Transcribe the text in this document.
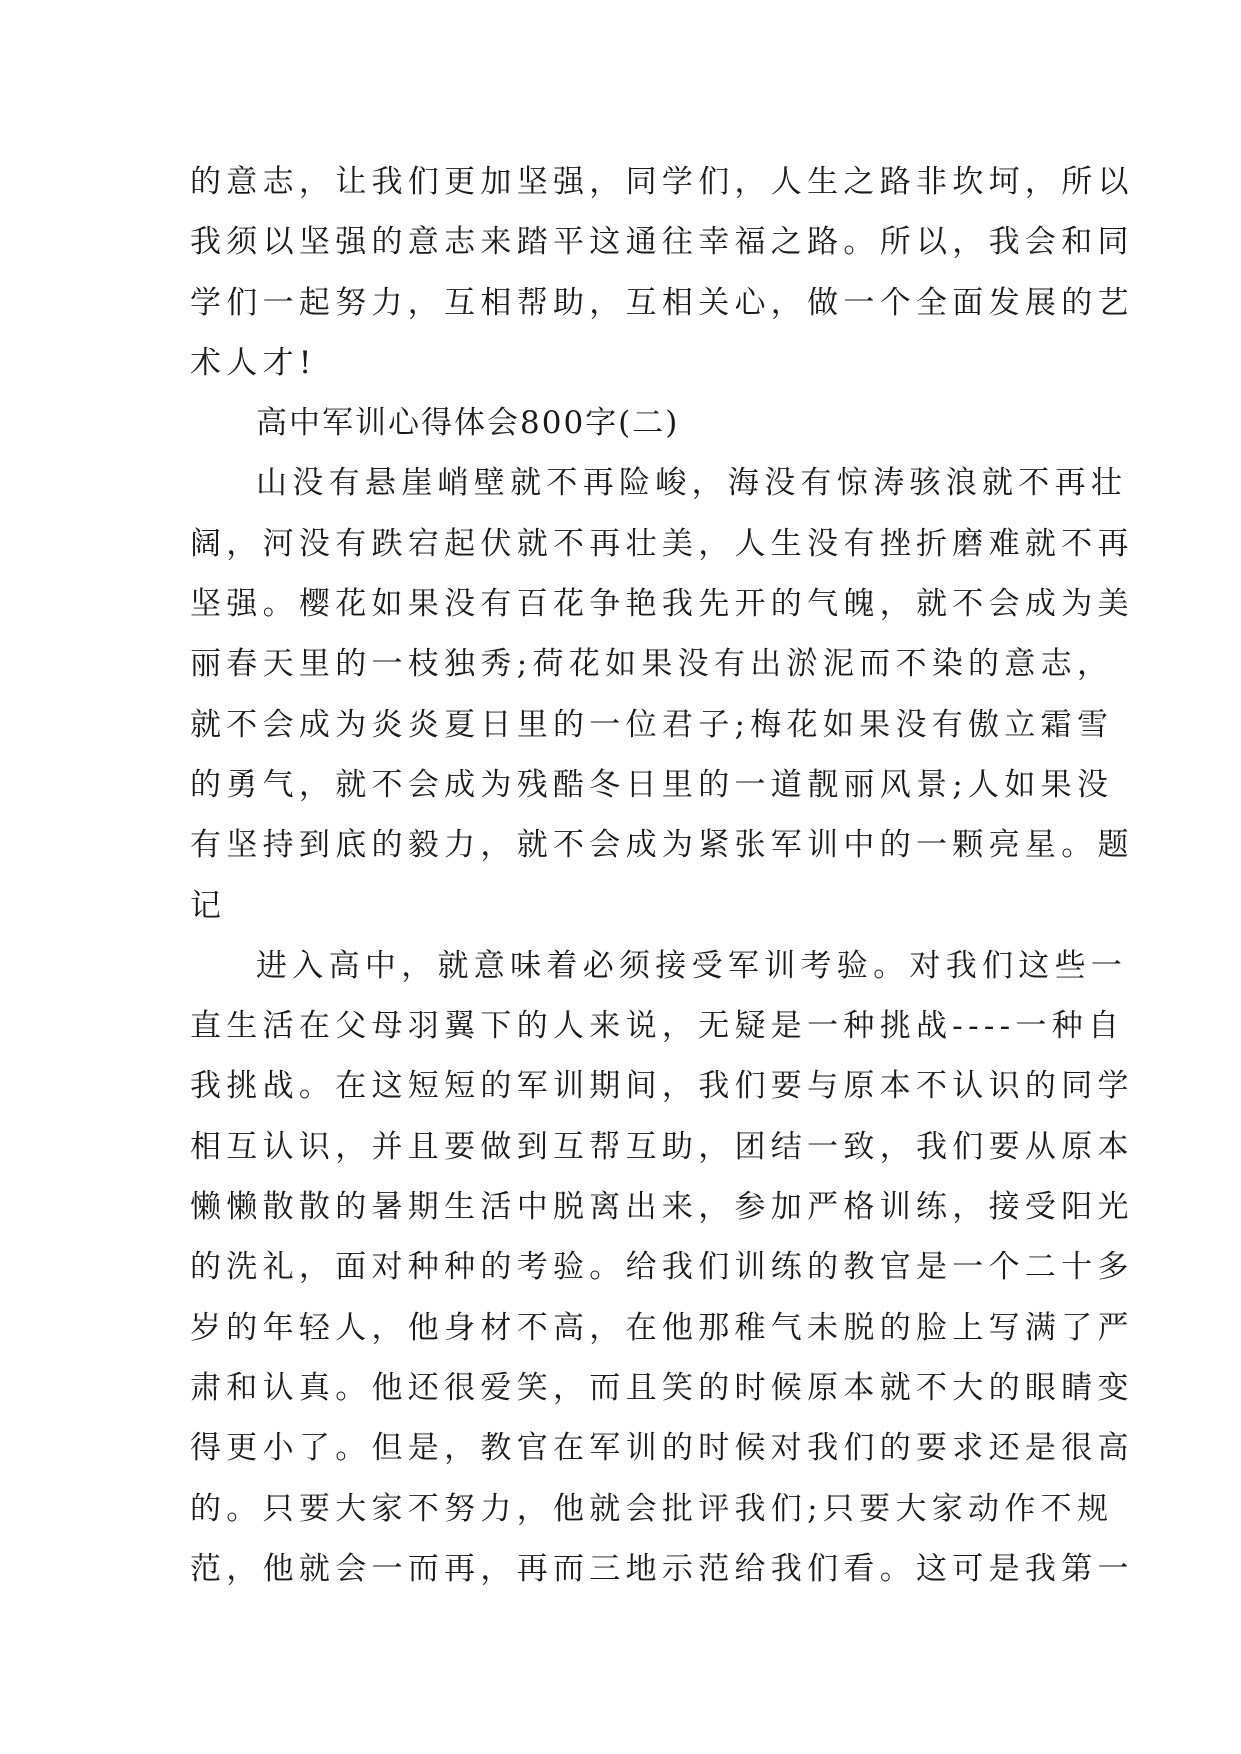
的意志，让我们更加坚强，同学们，人生之路非坎坷，所以
我须以坚强的意志来踏平这通往幸福之路。所以，我会和同
学们一起努力，互相帮助，互相关心，做一个全面发展的艺
术人才!
高中军训心得体会800字(二)
山没有悬崖峭壁就不再险峻，海没有惊涛骇浪就不再壮
阔，河没有跌宕起伏就不再壮美，人生没有挫折磨难就不再
坚强。樱花如果没有百花争艳我先开的气魄，就不会成为美
丽春天里的一枝独秀;荷花如果没有出淤泥而不染的意志，
就不会成为炎炎夏日里的一位君子;梅花如果没有傲立霜雪
的勇气，就不会成为残酷冬日里的一道靓丽风景;人如果没
有坚持到底的毅力，就不会成为紧张军训中的一颗亮星。题
记
进入高中，就意味着必须接受军训考验。对我们这些一
直生活在父母羽翼下的人来说，无疑是一种挑战----一种自
我挑战。在这短短的军训期间，我们要与原本不认识的同学
相互认识，并且要做到互帮互助，团结一致，我们要从原本
懒懒散散的暑期生活中脱离出来，参加严格训练，接受阳光
的洗礼，面对种种的考验。给我们训练的教官是一个二十多
岁的年轻人，他身材不高，在他那稚气未脱的脸上写满了严
肃和认真。他还很爱笑，而且笑的时候原本就不大的眼睛变
得更小了。但是，教官在军训的时候对我们的要求还是很高
的。只要大家不努力，他就会批评我们;只要大家动作不规
范，他就会一而再，再而三地示范给我们看。这可是我第一
